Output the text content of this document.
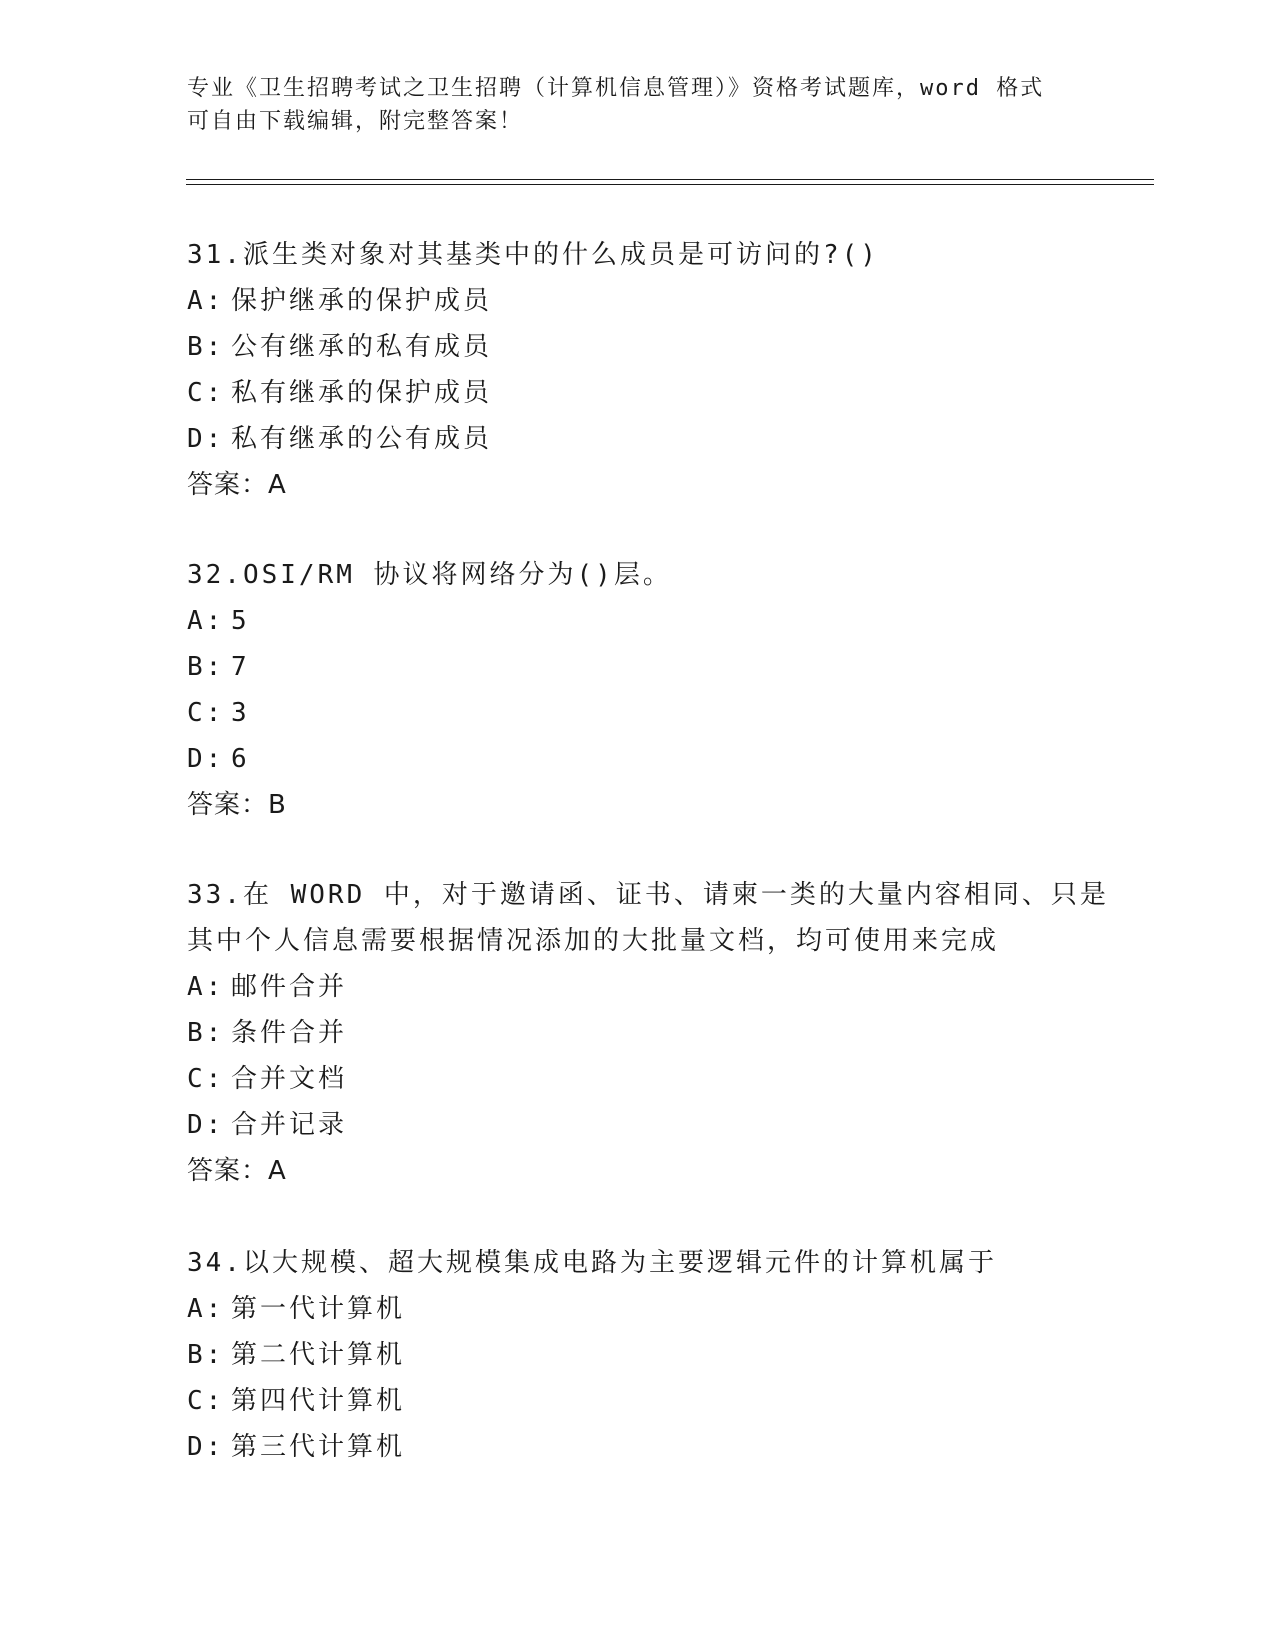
专业《卫生招聘考试之卫生招聘（计算机信息管理）》资格考试题库，word 格式
可自由下载编辑，附完整答案！
31.派生类对象对其基类中的什么成员是可访问的?()
A: 保护继承的保护成员
B: 公有继承的私有成员
C: 私有继承的保护成员
D: 私有继承的公有成员
答案：A
32.OSI/RM 协议将网络分为()层。
A: 5
B: 7
C: 3
D: 6
答案：B
33.在 WORD 中，对于邀请函、证书、请柬一类的大量内容相同、只是
其中个人信息需要根据情况添加的大批量文档，均可使用来完成
A: 邮件合并
B: 条件合并
C: 合并文档
D: 合并记录
答案：A
34.以大规模、超大规模集成电路为主要逻辑元件的计算机属于
A: 第一代计算机
B: 第二代计算机
C: 第四代计算机
D: 第三代计算机
